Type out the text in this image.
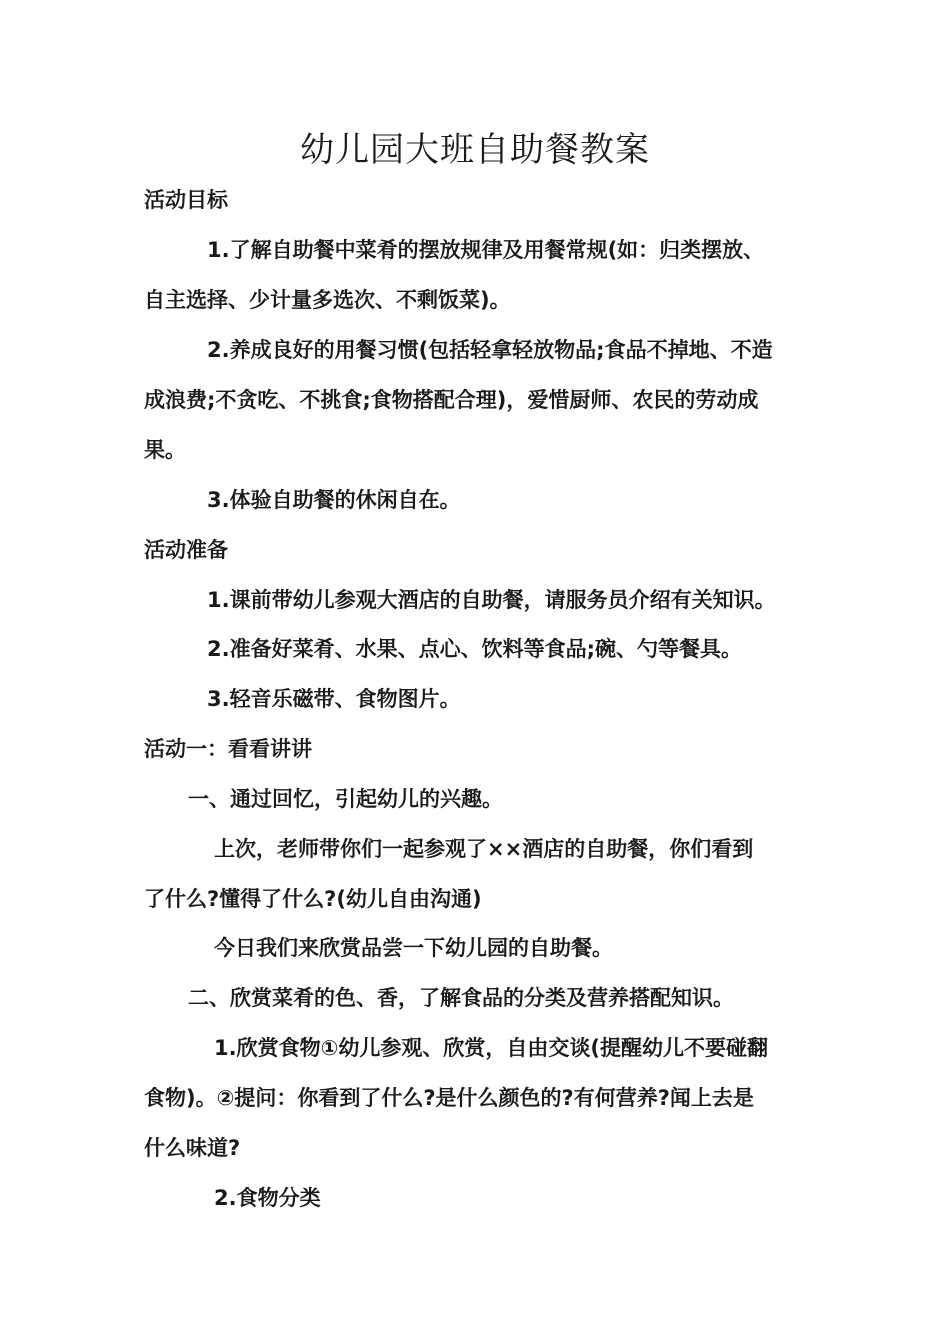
幼儿园大班自助餐教案
活动目标
1.了解自助餐中菜肴的摆放规律及用餐常规(如：归类摆放、
自主选择、少计量多选次、不剩饭菜)。
2.养成良好的用餐习惯(包括轻拿轻放物品;食品不掉地、不造
成浪费;不贪吃、不挑食;食物搭配合理)，爱惜厨师、农民的劳动成
果。
3.体验自助餐的休闲自在。
活动准备
1.课前带幼儿参观大酒店的自助餐，请服务员介绍有关知识。
2.准备好菜肴、水果、点心、饮料等食品;碗、勺等餐具。
3.轻音乐磁带、食物图片。
活动一：看看讲讲
一、通过回忆，引起幼儿的兴趣。
上次，老师带你们一起参观了××酒店的自助餐，你们看到
了什么?懂得了什么?(幼儿自由沟通)
今日我们来欣赏品尝一下幼儿园的自助餐。
二、欣赏菜肴的色、香，了解食品的分类及营养搭配知识。
1.欣赏食物①幼儿参观、欣赏，自由交谈(提醒幼儿不要碰翻
食物)。②提问：你看到了什么?是什么颜色的?有何营养?闻上去是
什么味道?
2.食物分类
